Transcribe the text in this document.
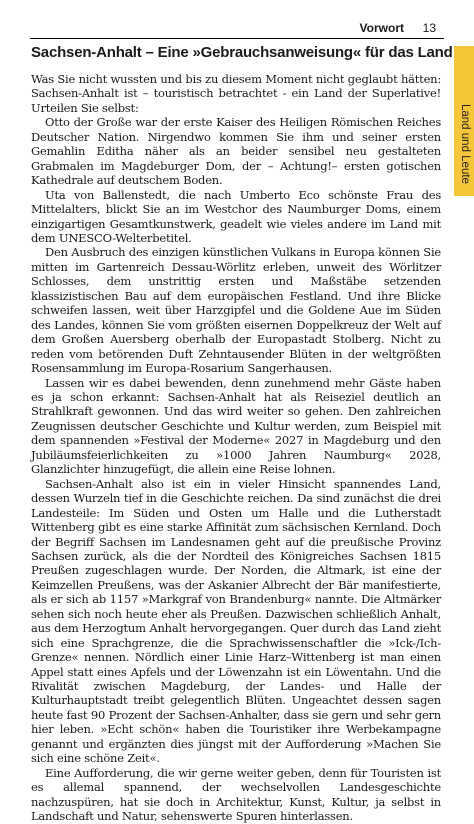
Vorwort 13
Land und Leute
Sachsen-Anhalt – Eine »Gebrauchsanweisung« für das Land

Was Sie nicht wussten und bis zu diesem Moment nicht geglaubt hätten: Sachsen-Anhalt ist – touristisch betrachtet - ein Land der Superlative! Urteilen Sie selbst:

Otto der Große war der erste Kaiser des Heiligen Römischen Reiches Deutscher Nation. Nirgendwo kommen Sie ihm und seiner ersten Gemahlin Editha näher als an beider sensibel neu gestalteten Grabmalen im Magdeburger Dom, der – Achtung!– ersten gotischen Kathedrale auf deutschem Boden.

Uta von Ballenstedt, die nach Umberto Eco schönste Frau des Mittelalters, blickt Sie an im Westchor des Naumburger Doms, einem einzigartigen Gesamtkunstwerk, geadelt wie vieles andere im Land mit dem UNESCO-Welterbetitel.

Den Ausbruch des einzigen künstlichen Vulkans in Europa können Sie mitten im Gartenreich Dessau-Wörlitz erleben, unweit des Wörlitzer Schlosses, dem unstrittig ersten und Maßstäbe setzenden klassizistischen Bau auf dem europäischen Festland. Und ihre Blicke schweifen lassen, weit über Harzgipfel und die Goldene Aue im Süden des Landes, können Sie vom größten eisernen Doppelkreuz der Welt auf dem Großen Auersberg oberhalb der Europastadt Stolberg. Nicht zu reden vom betörenden Duft Zehntausender Blüten in der weltgrößten Rosensammlung im Europa-Rosarium Sangerhausen.

Lassen wir es dabei bewenden, denn zunehmend mehr Gäste haben es ja schon erkannt: Sachsen-Anhalt hat als Reiseziel deutlich an Strahlkraft gewonnen. Und das wird weiter so gehen. Den zahlreichen Zeugnissen deutscher Geschichte und Kultur werden, zum Beispiel mit dem spannenden »Festival der Moderne« 2027 in Magdeburg und den Jubiläumsfeierlichkeiten zu »1000 Jahren Naumburg« 2028, Glanzlichter hinzugefügt, die allein eine Reise lohnen.

Sachsen-Anhalt also ist ein in vieler Hinsicht spannendes Land, dessen Wurzeln tief in die Geschichte reichen. Da sind zunächst die drei Landesteile: Im Süden und Osten um Halle und die Lutherstadt Wittenberg gibt es eine starke Affinität zum sächsischen Kernland. Doch der Begriff Sachsen im Landesnamen geht auf die preußische Provinz Sachsen zurück, als die der Nordteil des Königreiches Sachsen 1815 Preußen zugeschlagen wurde. Der Norden, die Altmark, ist eine der Keimzellen Preußens, was der Askanier Albrecht der Bär manifestierte, als er sich ab 1157 »Markgraf von Brandenburg« nannte. Die Altmärker sehen sich noch heute eher als Preußen. Dazwischen schließlich Anhalt, aus dem Herzogtum Anhalt hervorgegangen. Quer durch das Land zieht sich eine Sprachgrenze, die die Sprachwissenschaftler die »Ick-/Ich-Grenze« nennen. Nördlich einer Linie Harz–Wittenberg ist man einen Appel statt eines Apfels und der Löwenzahn ist ein Löwentahn. Und die Rivalität zwischen Magdeburg, der Landes- und Halle der Kulturhauptstadt treibt gelegentlich Blüten. Ungeachtet dessen sagen heute fast 90 Prozent der Sachsen-Anhalter, dass sie gern und sehr gern hier leben. »Echt schön« haben die Touristiker ihre Werbekampagne genannt und ergänzten dies jüngst mit der Aufforderung »Machen Sie sich eine schöne Zeit«.

Eine Aufforderung, die wir gerne weiter geben, denn für Touristen ist es allemal spannend, der wechselvollen Landesgeschichte nachzuspüren, hat sie doch in Architektur, Kunst, Kultur, ja selbst in Landschaft und Natur, sehenswerte Spuren hinterlassen.
